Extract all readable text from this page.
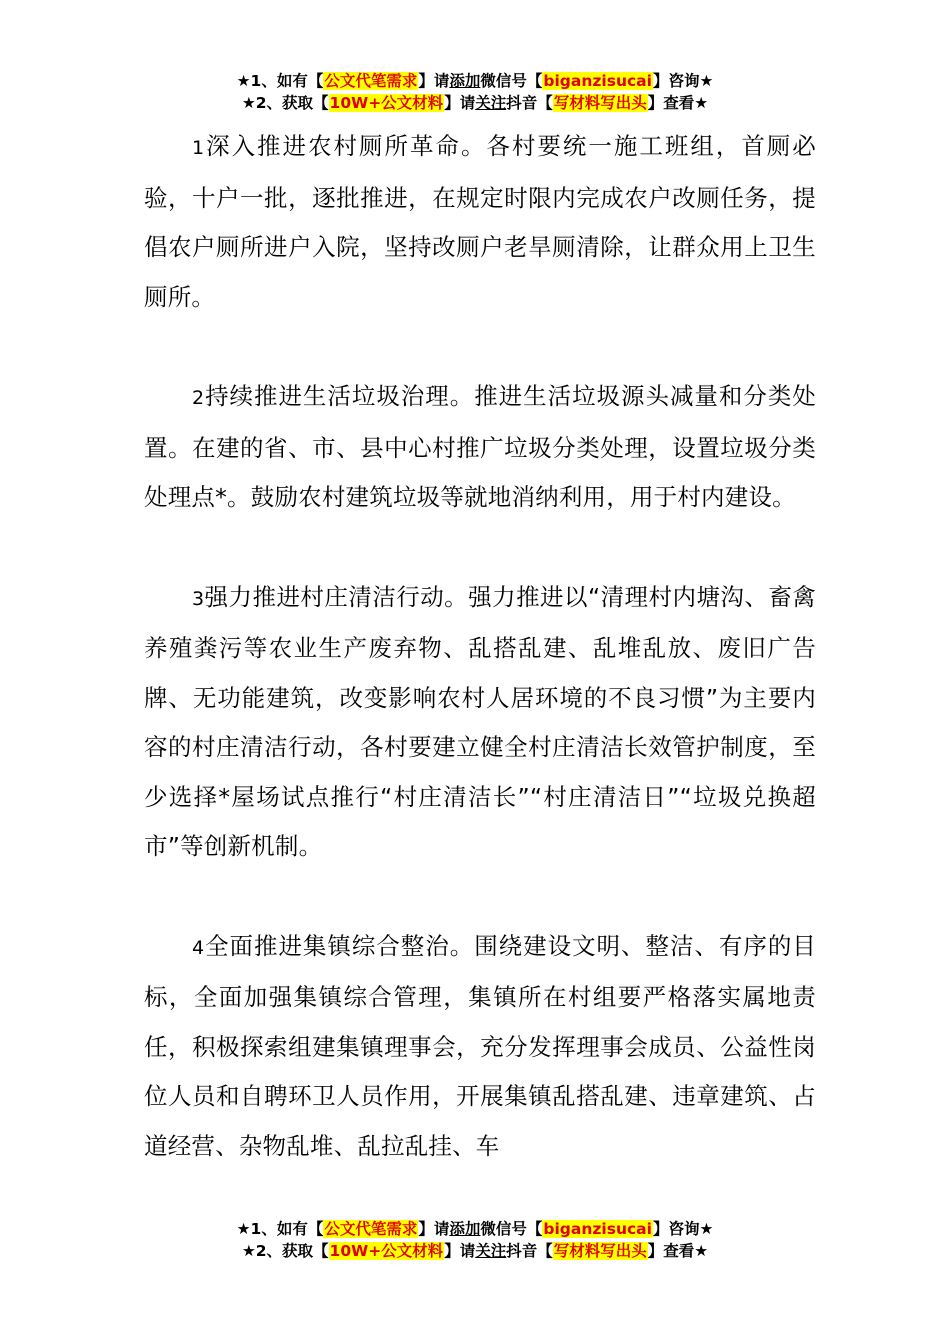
★1、如有【公文代笔需求】请添加微信号【biganzisucai】咨询★
★2、获取【10W+公文材料】请关注抖音【写材料写出头】查看★

1深入推进农村厕所革命。各村要统一施工班组，首厕必验，十户一批，逐批推进，在规定时限内完成农户改厕任务，提倡农户厕所进户入院，坚持改厕户老旱厕清除，让群众用上卫生厕所。

2持续推进生活垃圾治理。推进生活垃圾源头减量和分类处置。在建的省、市、县中心村推广垃圾分类处理，设置垃圾分类处理点*。鼓励农村建筑垃圾等就地消纳利用，用于村内建设。

3强力推进村庄清洁行动。强力推进以“清理村内塘沟、畜禽养殖粪污等农业生产废弃物、乱搭乱建、乱堆乱放、废旧广告牌、无功能建筑，改变影响农村人居环境的不良习惯”为主要内容的村庄清洁行动，各村要建立健全村庄清洁长效管护制度，至少选择*屋场试点推行“村庄清洁长”“村庄清洁日”“垃圾兑换超市”等创新机制。

4全面推进集镇综合整治。围绕建设文明、整洁、有序的目标，全面加强集镇综合管理，集镇所在村组要严格落实属地责任，积极探索组建集镇理事会，充分发挥理事会成员、公益性岗位人员和自聘环卫人员作用，开展集镇乱搭乱建、违章建筑、占道经营、杂物乱堆、乱拉乱挂、车

★1、如有【公文代笔需求】请添加微信号【biganzisucai】咨询★
★2、获取【10W+公文材料】请关注抖音【写材料写出头】查看★
